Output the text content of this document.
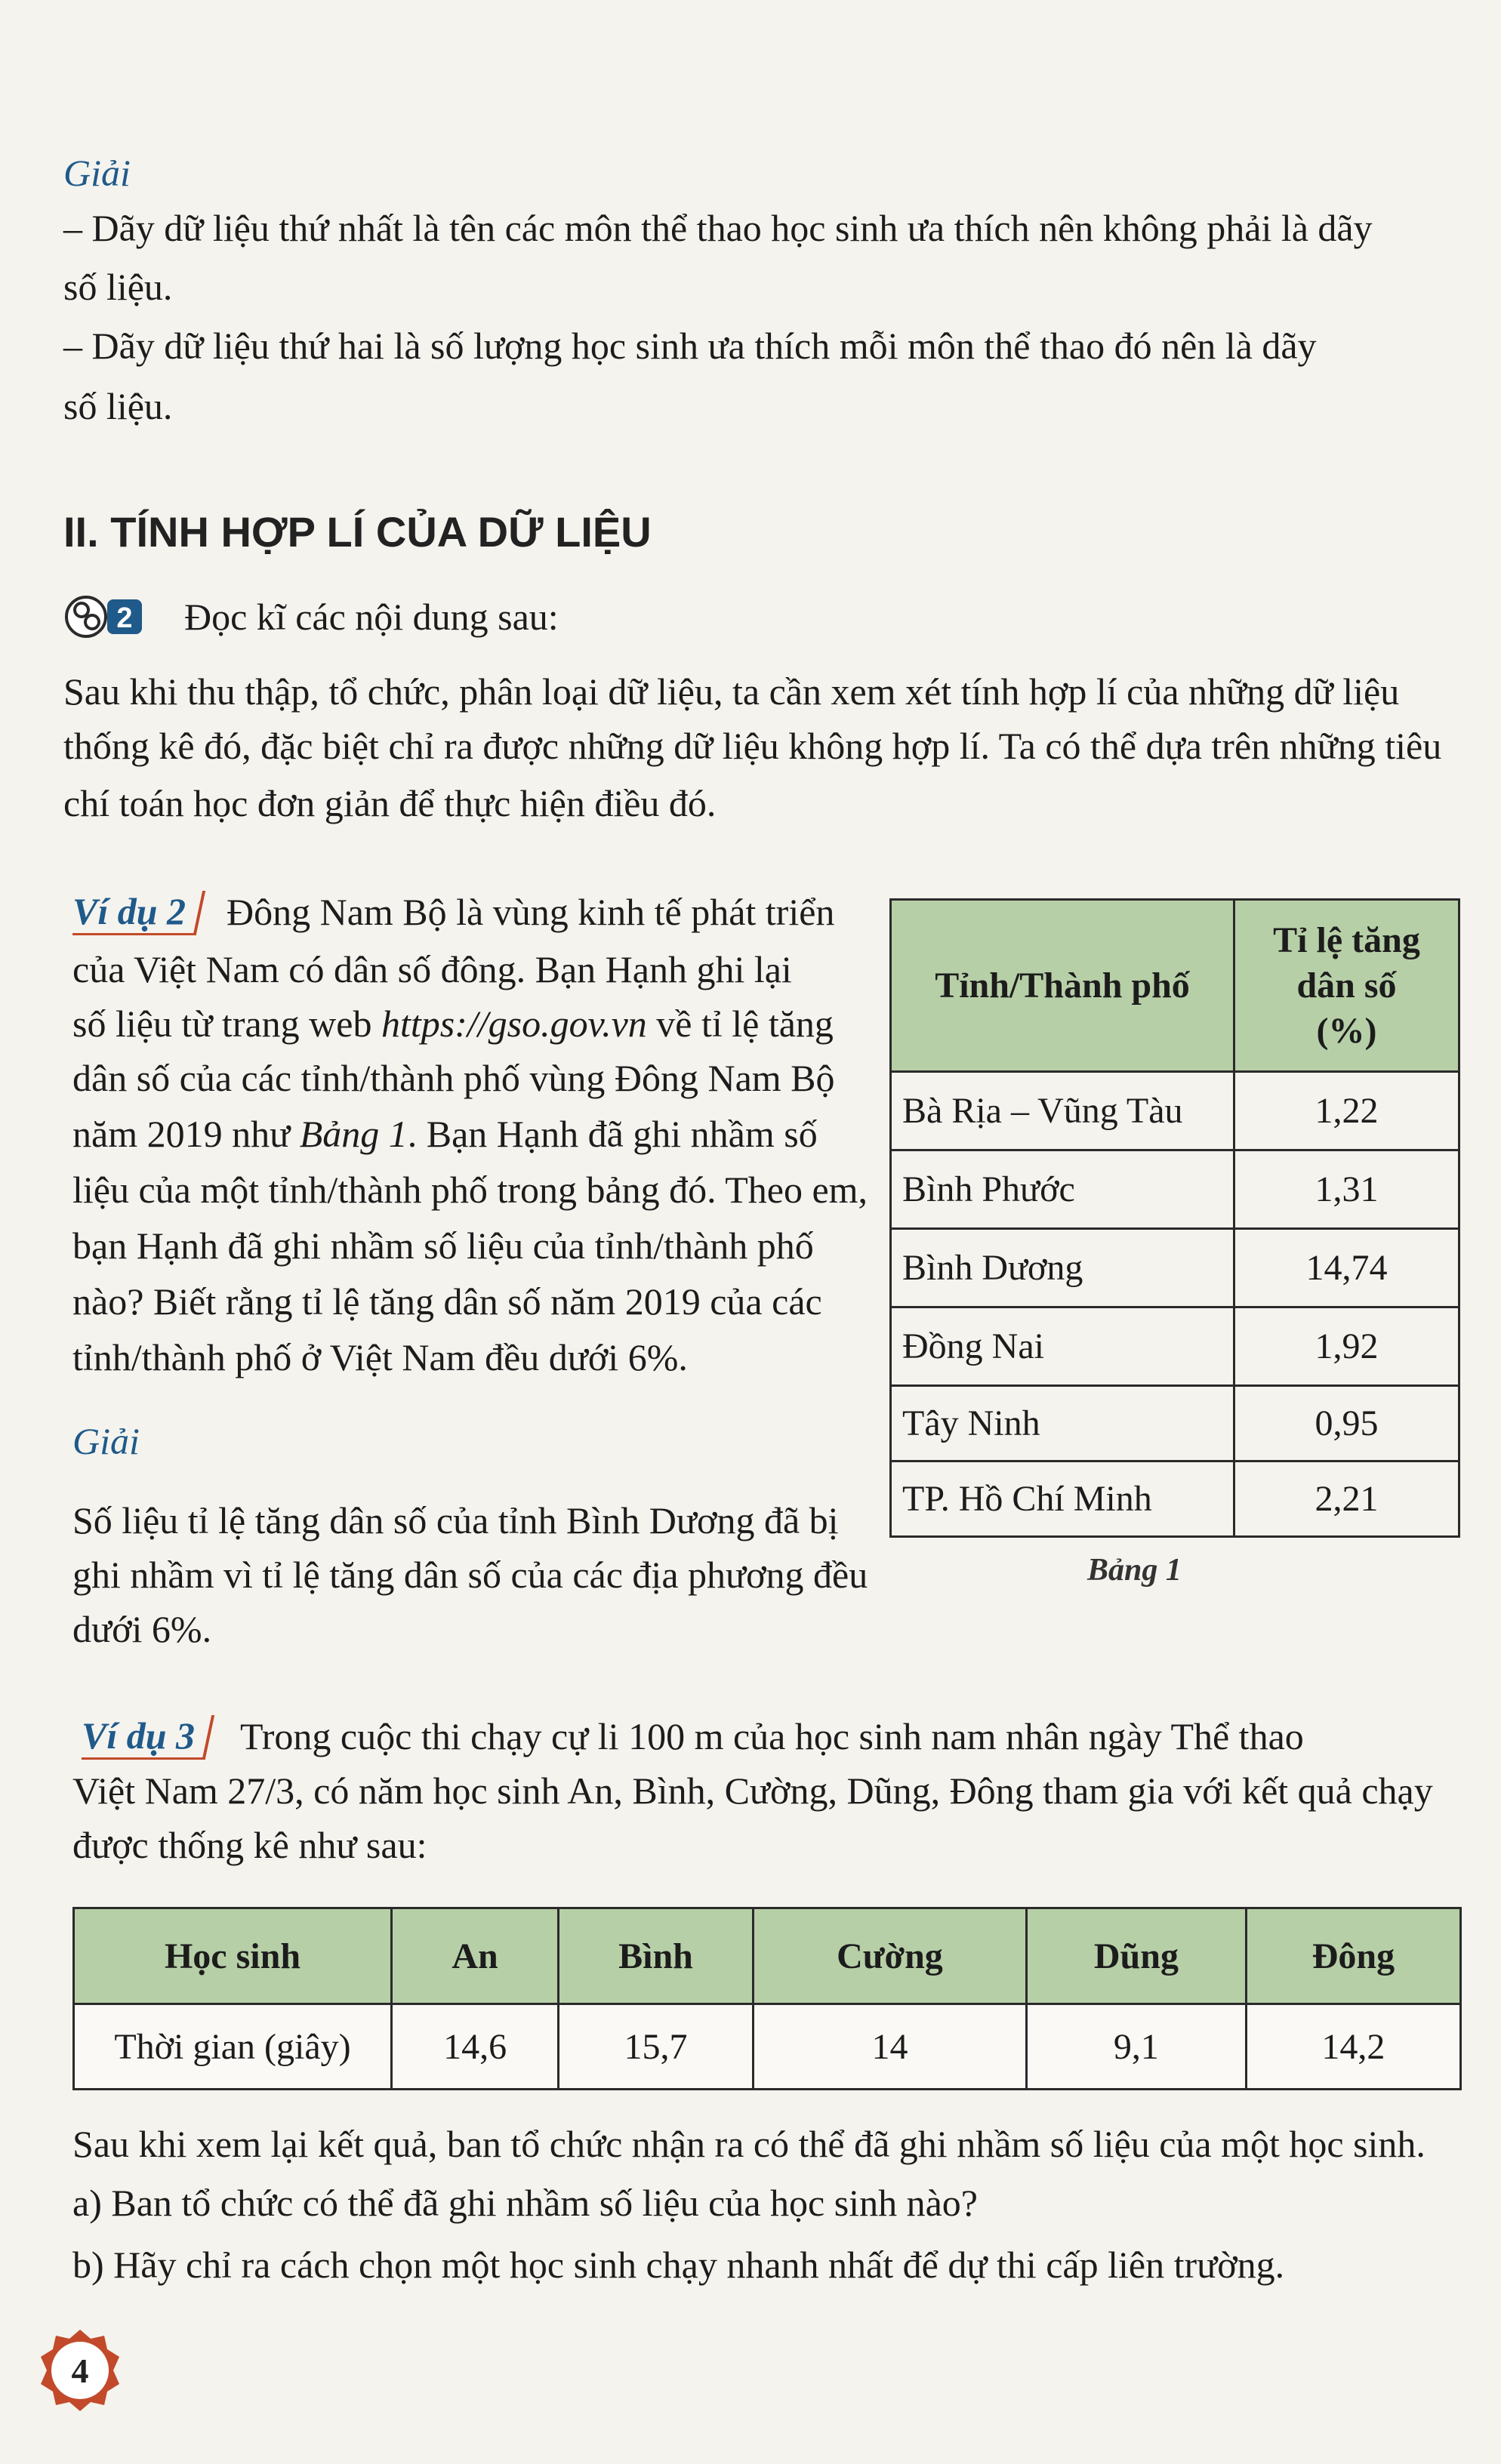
Giải
– Dãy dữ liệu thứ nhất là tên các môn thể thao học sinh ưa thích nên không phải là dãy
số liệu.
– Dãy dữ liệu thứ hai là số lượng học sinh ưa thích mỗi môn thể thao đó nên là dãy
số liệu.
II. TÍNH HỢP LÍ CỦA DỮ LIỆU
2 Đọc kĩ các nội dung sau:
Sau khi thu thập, tổ chức, phân loại dữ liệu, ta cần xem xét tính hợp lí của những dữ liệu
thống kê đó, đặc biệt chỉ ra được những dữ liệu không hợp lí. Ta có thể dựa trên những tiêu
chí toán học đơn giản để thực hiện điều đó.
Ví dụ 2 Đông Nam Bộ là vùng kinh tế phát triển
của Việt Nam có dân số đông. Bạn Hạnh ghi lại
số liệu từ trang web https://gso.gov.vn về tỉ lệ tăng
dân số của các tỉnh/thành phố vùng Đông Nam Bộ
năm 2019 như Bảng 1. Bạn Hạnh đã ghi nhầm số
liệu của một tỉnh/thành phố trong bảng đó. Theo em,
bạn Hạnh đã ghi nhầm số liệu của tỉnh/thành phố
nào? Biết rằng tỉ lệ tăng dân số năm 2019 của các
tỉnh/thành phố ở Việt Nam đều dưới 6%.
Giải
Số liệu tỉ lệ tăng dân số của tỉnh Bình Dương đã bị
ghi nhầm vì tỉ lệ tăng dân số của các địa phương đều
dưới 6%.
Tỉnh/Thành phố	Tỉ lệ tăng
dân số
(%)

Bà Rịa – Vũng Tàu	1,22
Bình Phước	1,31
Bình Dương	14,74
Đồng Nai	1,92
Tây Ninh	0,95
TP. Hồ Chí Minh	2,21
Bảng 1
Ví dụ 3 Trong cuộc thi chạy cự li 100 m của học sinh nam nhân ngày Thể thao
Việt Nam 27/3, có năm học sinh An, Bình, Cường, Dũng, Đông tham gia với kết quả chạy
được thống kê như sau:
Học sinh	An	Bình	Cường	Dũng	Đông
Thời gian (giây)	14,6	15,7	14	9,1	14,2
Sau khi xem lại kết quả, ban tổ chức nhận ra có thể đã ghi nhầm số liệu của một học sinh.
a) Ban tổ chức có thể đã ghi nhầm số liệu của học sinh nào?
b) Hãy chỉ ra cách chọn một học sinh chạy nhanh nhất để dự thi cấp liên trường.
4
